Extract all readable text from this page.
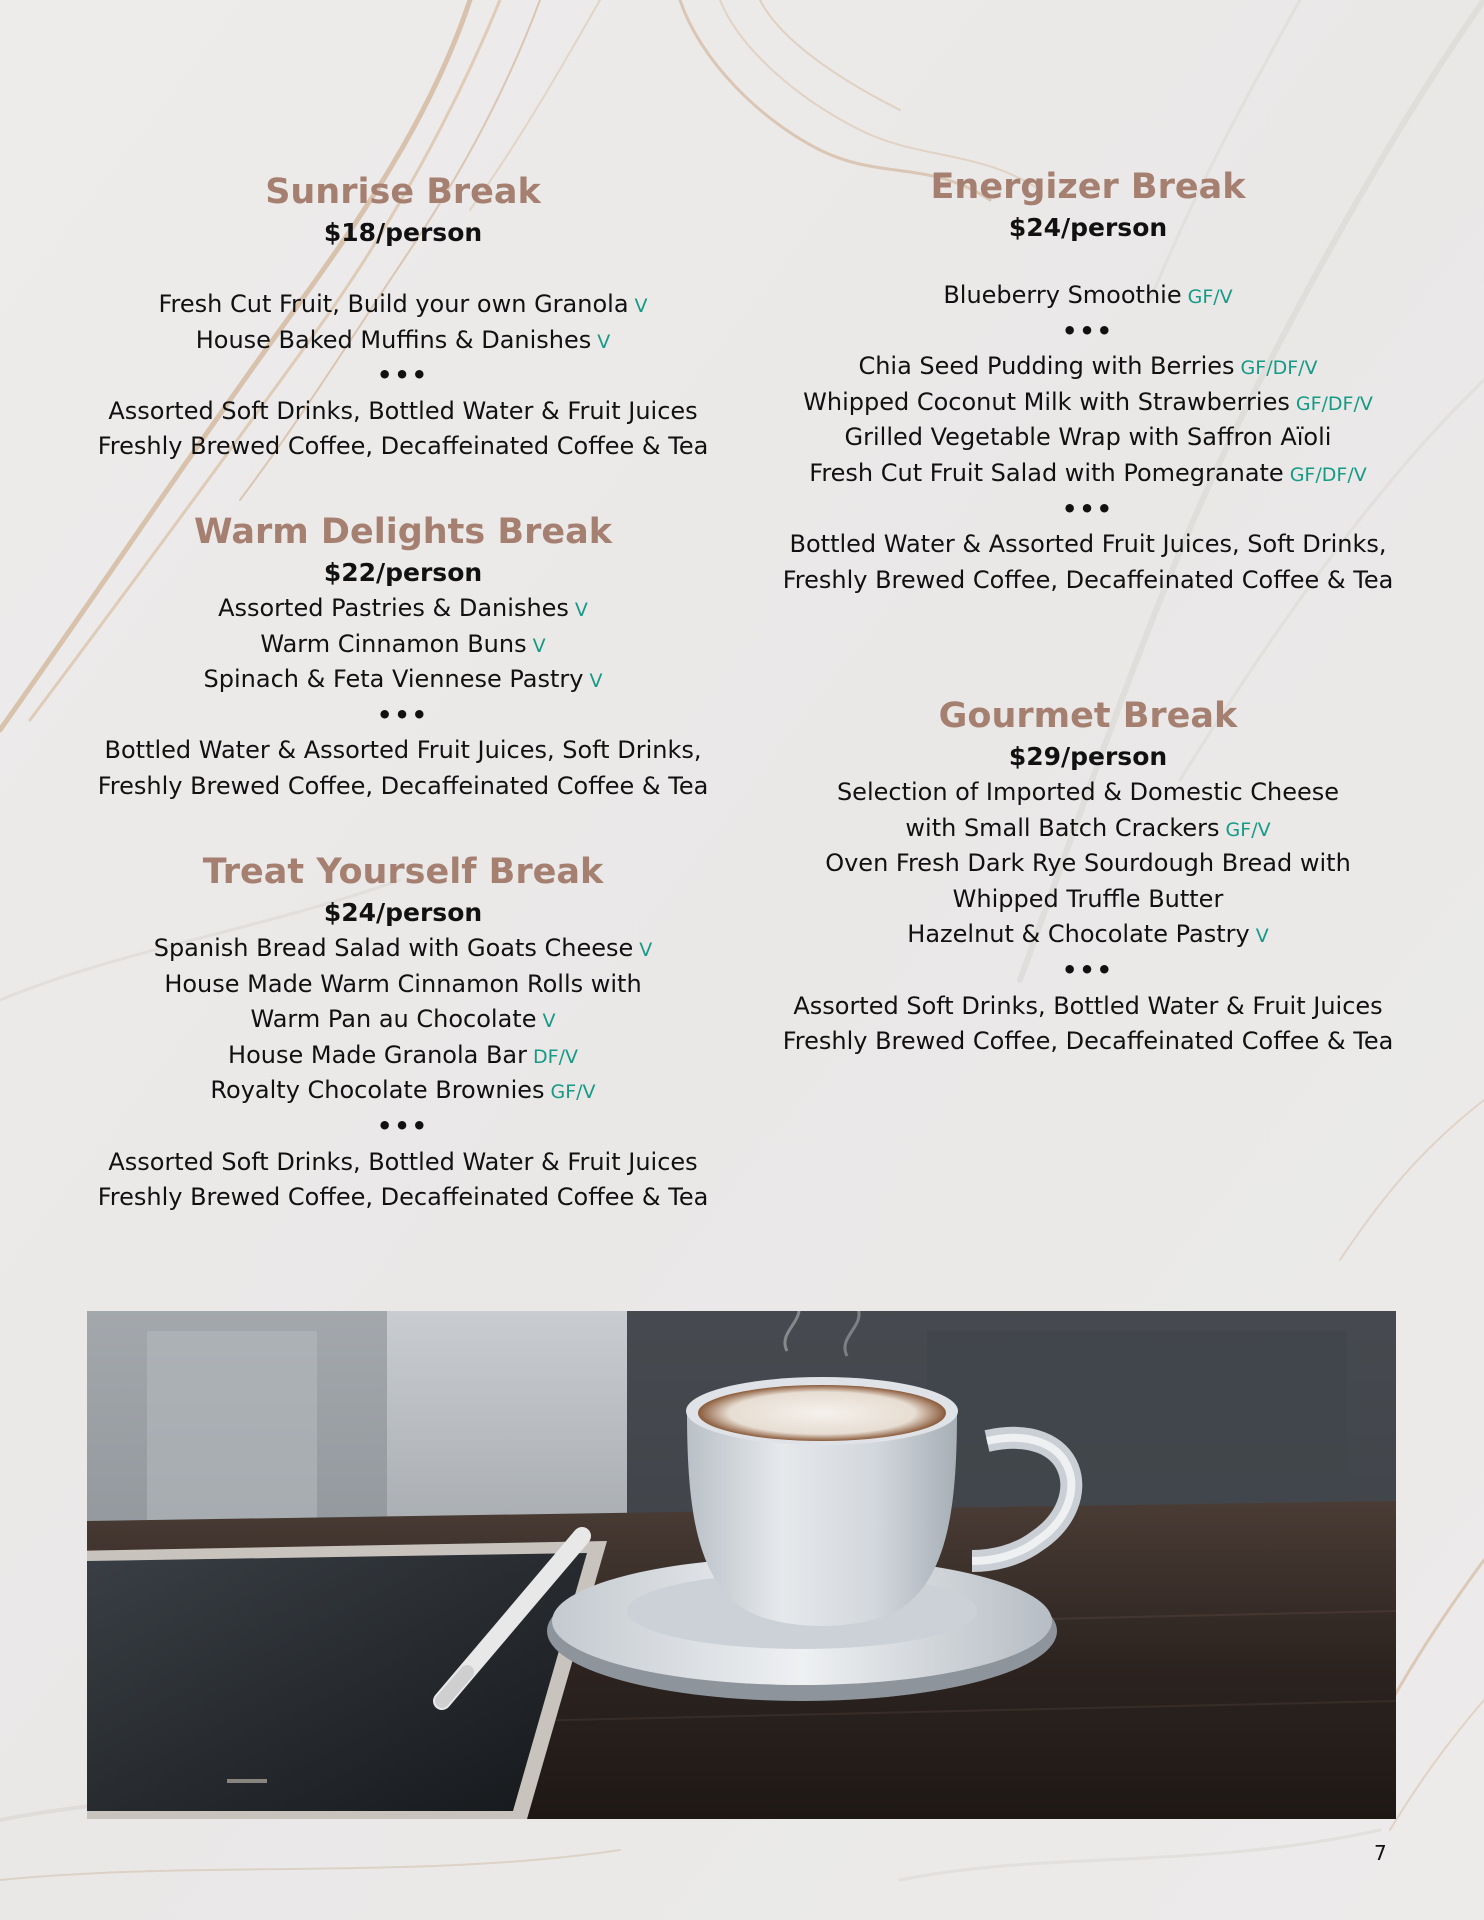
Sunrise Break
$18/person
Fresh Cut Fruit, Build your own Granola V
House Baked Muffins & Danishes V
•••
Assorted Soft Drinks, Bottled Water & Fruit Juices
Freshly Brewed Coffee, Decaffeinated Coffee & Tea
Warm Delights Break
$22/person
Assorted Pastries & Danishes V
Warm Cinnamon Buns V
Spinach & Feta Viennese Pastry V
•••
Bottled Water & Assorted Fruit Juices, Soft Drinks,
Freshly Brewed Coffee, Decaffeinated Coffee & Tea
Treat Yourself Break
$24/person
Spanish Bread Salad with Goats Cheese V
House Made Warm Cinnamon Rolls with
Warm Pan au Chocolate V
House Made Granola Bar DF/V
Royalty Chocolate Brownies GF/V
•••
Assorted Soft Drinks, Bottled Water & Fruit Juices
Freshly Brewed Coffee, Decaffeinated Coffee & Tea
Energizer Break
$24/person
Blueberry Smoothie GF/V
•••
Chia Seed Pudding with Berries GF/DF/V
Whipped Coconut Milk with Strawberries GF/DF/V
Grilled Vegetable Wrap with Saffron Aïoli
Fresh Cut Fruit Salad with Pomegranate GF/DF/V
•••
Bottled Water & Assorted Fruit Juices, Soft Drinks,
Freshly Brewed Coffee, Decaffeinated Coffee & Tea
Gourmet Break
$29/person
Selection of Imported & Domestic Cheese
with Small Batch Crackers GF/V
Oven Fresh Dark Rye Sourdough Bread with
Whipped Truffle Butter
Hazelnut & Chocolate Pastry V
•••
Assorted Soft Drinks, Bottled Water & Fruit Juices
Freshly Brewed Coffee, Decaffeinated Coffee & Tea
7
